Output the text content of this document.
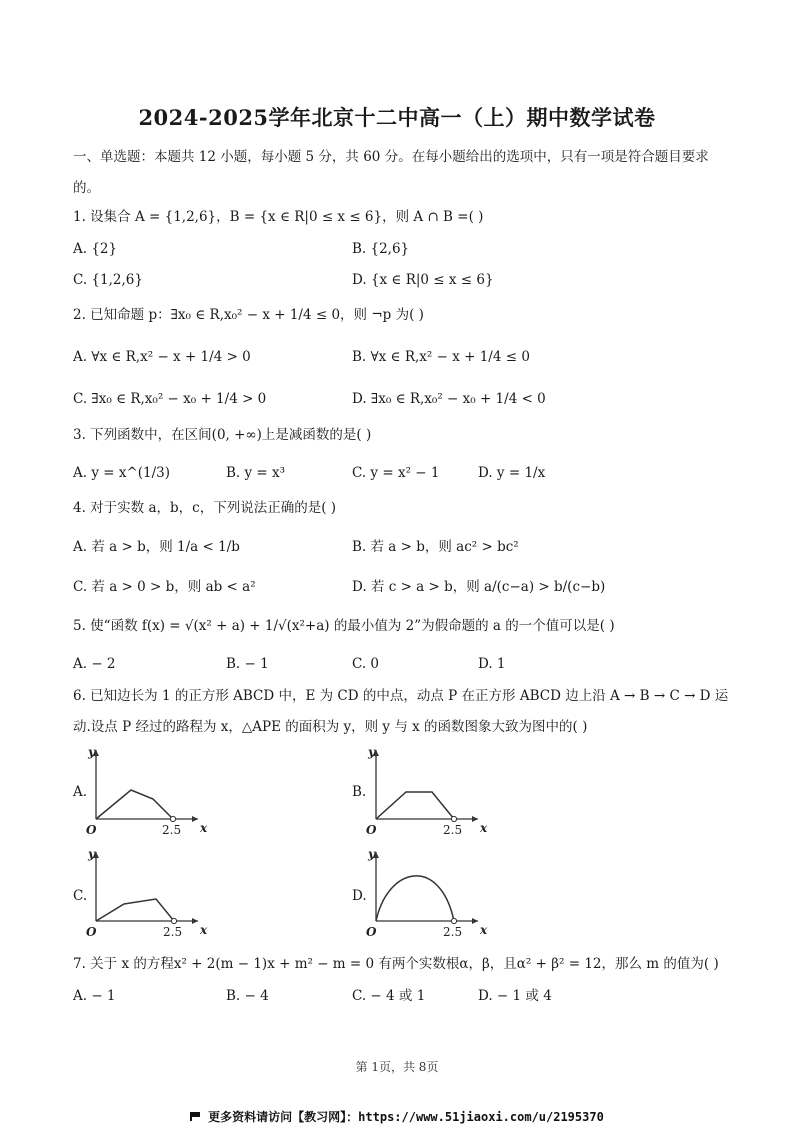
2024-2025学年北京十二中高一（上）期中数学试卷
一、单选题：本题共 12 小题，每小题 5 分，共 60 分。在每小题给出的选项中，只有一项是符合题目要求
的。
1. 设集合 A = {1,2,6}，B = {x ∈ R|0 ≤ x ≤ 6}，则 A ∩ B =( )
A. {2}	B. {2,6}
C. {1,2,6}	D. {x ∈ R|0 ≤ x ≤ 6}
2. 已知命题 p：∃x₀ ∈ R,x₀² − x + 1/4 ≤ 0，则 ¬p 为( )
A. ∀x ∈ R,x² − x + 1/4 > 0	B. ∀x ∈ R,x² − x + 1/4 ≤ 0
C. ∃x₀ ∈ R,x₀² − x₀ + 1/4 > 0	D. ∃x₀ ∈ R,x₀² − x₀ + 1/4 < 0
3. 下列函数中，在区间(0, +∞)上是减函数的是( )
A. y = x^(1/3)	B. y = x³	C. y = x² − 1	D. y = 1/x
4. 对于实数 a，b，c，下列说法正确的是( )
A. 若 a > b，则 1/a < 1/b	B. 若 a > b，则 ac² > bc²
C. 若 a > 0 > b，则 ab < a²	D. 若 c > a > b，则 a/(c−a) > b/(c−b)
5. 使“函数 f(x) = √(x² + a) + 1/√(x²+a) 的最小值为 2”为假命题的 a 的一个值可以是( )
A. − 2	B. − 1	C. 0	D. 1
6. 已知边长为 1 的正方形 ABCD 中，E 为 CD 的中点，动点 P 在正方形 ABCD 边上沿 A → B → C → D 运
动.设点 P 经过的路程为 x，△APE 的面积为 y，则 y 与 x 的函数图象大致为图中的( )
A.
O
y
x
2.5
B.
O
y
x
2.5
C.
O
y
x
2.5
D.
O
y
x
2.5
7. 关于 x 的方程x² + 2(m − 1)x + m² − m = 0 有两个实数根α，β，且α² + β² = 12，那么 m 的值为( )
A. − 1	B. − 4	C. − 4 或 1	D. − 1 或 4
第 1页，共 8页
更多资料请访问【教习网】：https://www.51jiaoxi.com/u/2195370
